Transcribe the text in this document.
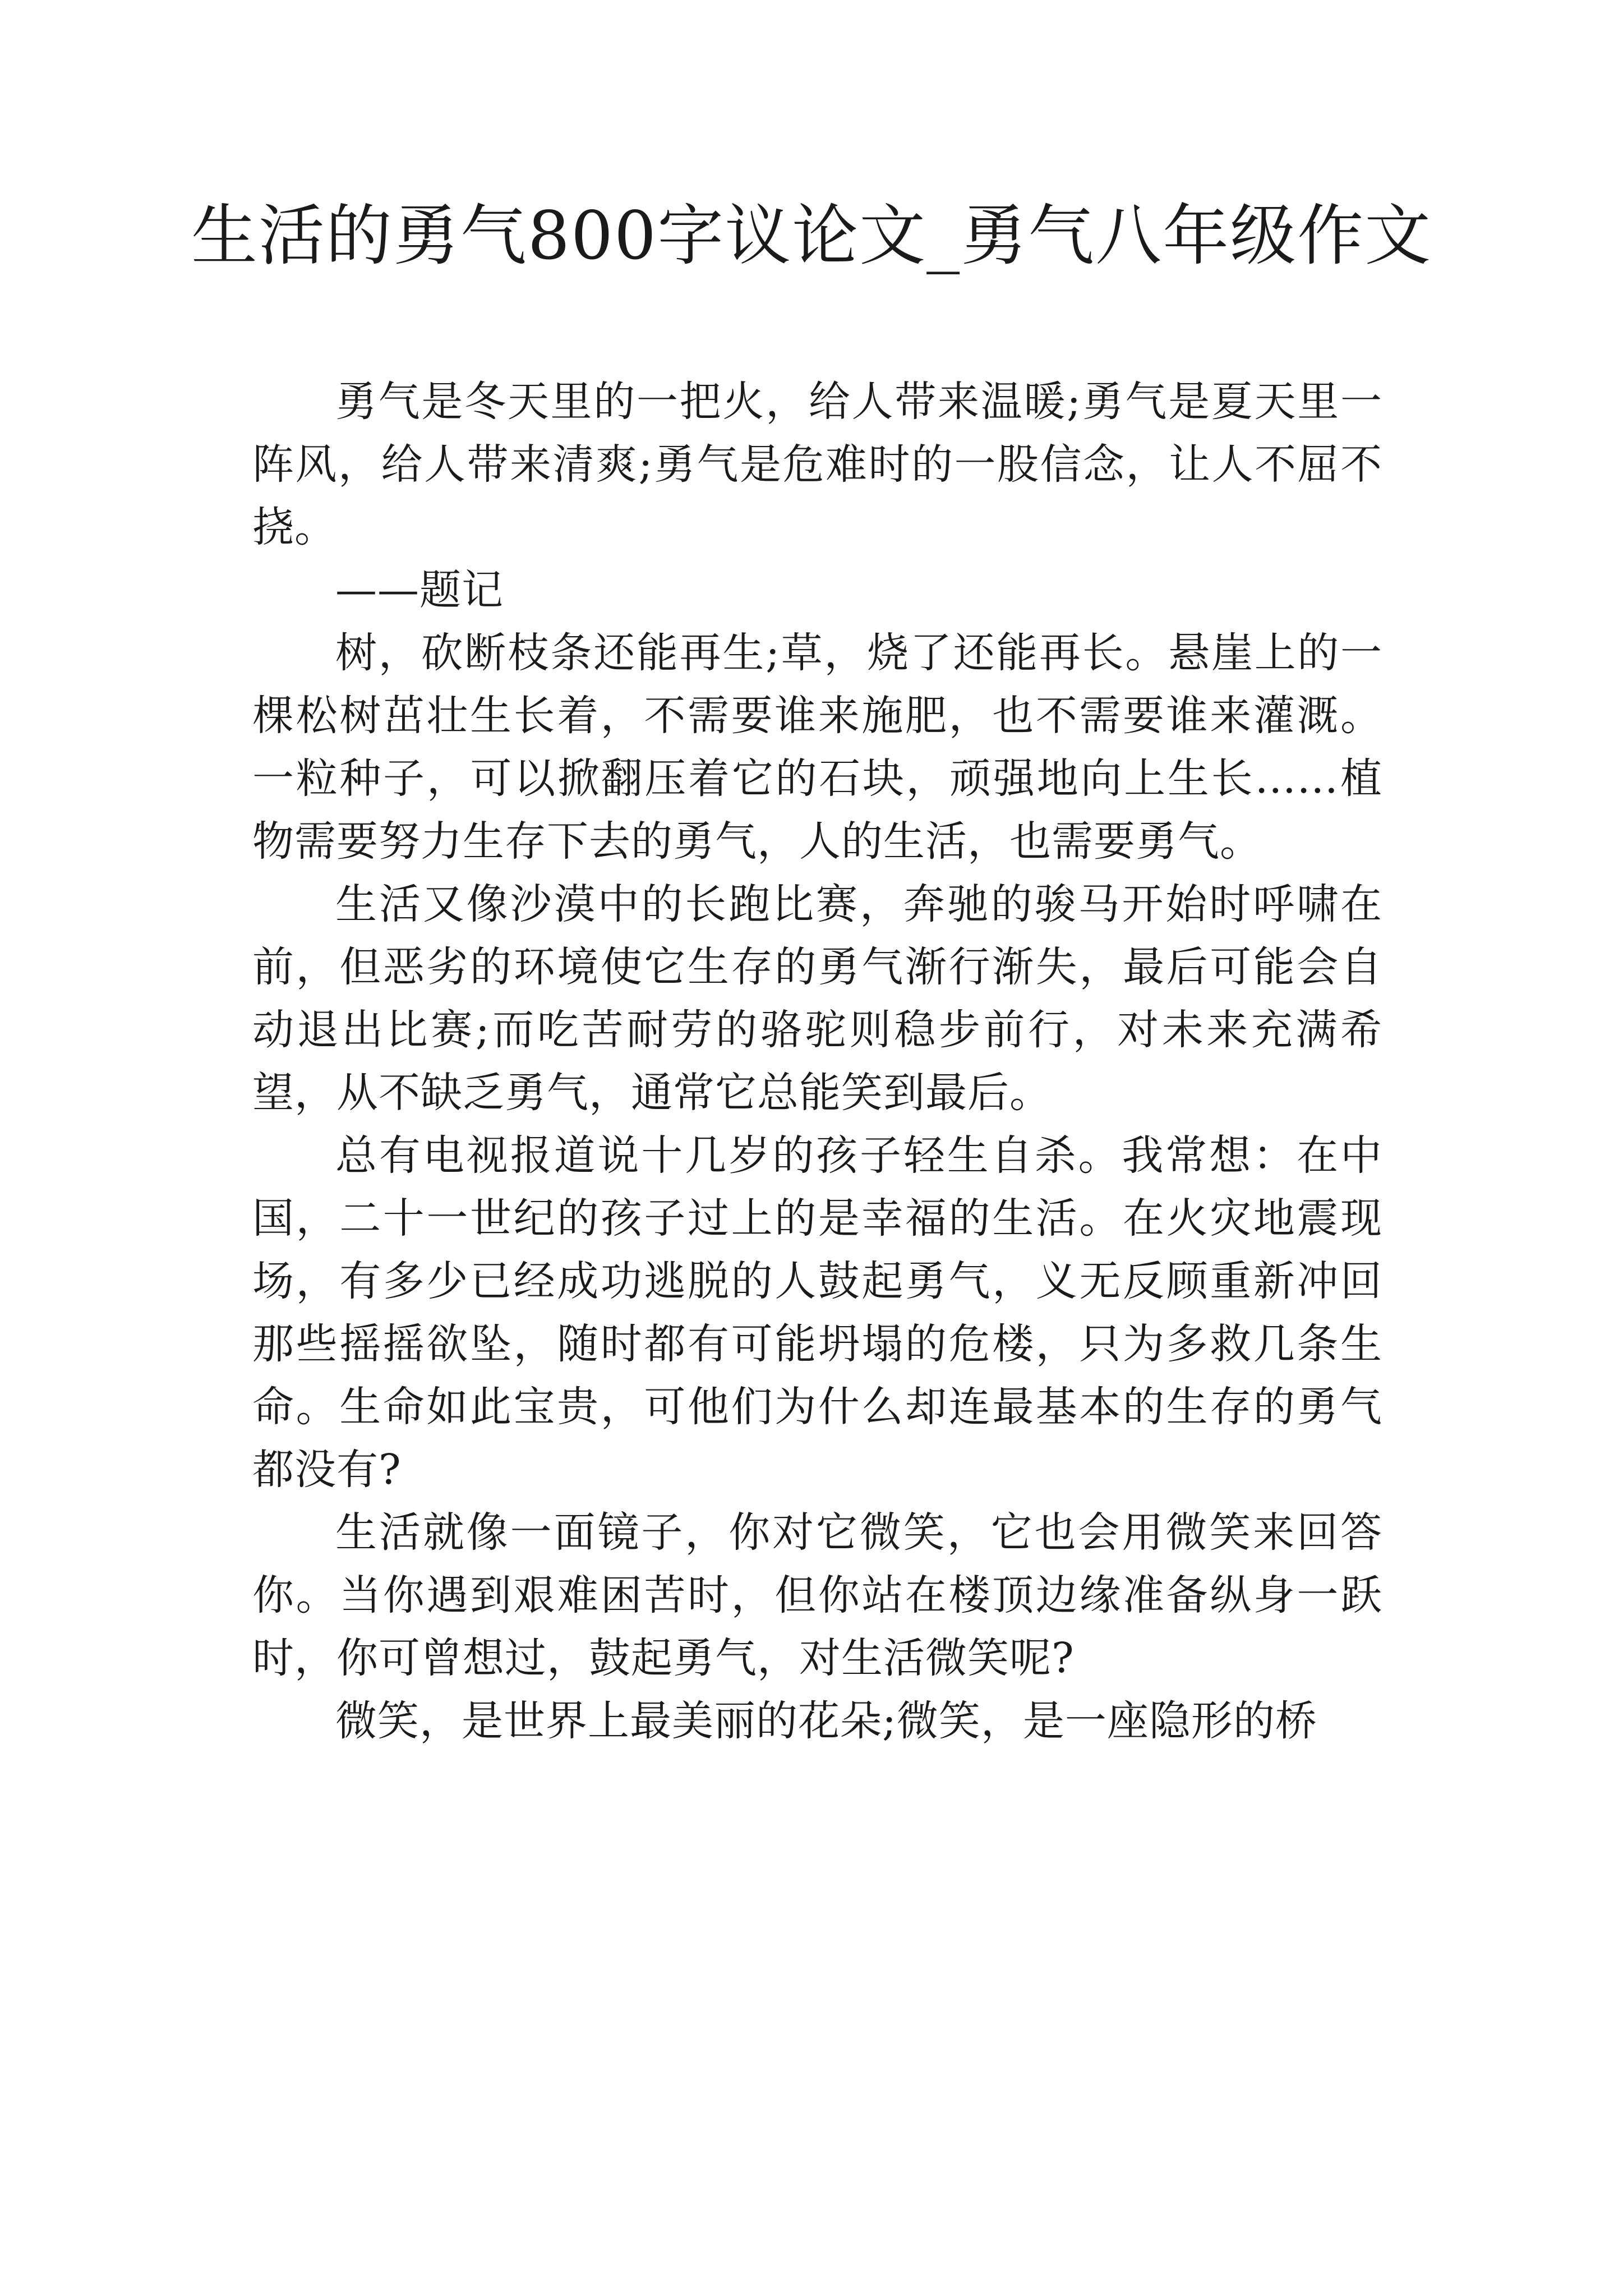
生活的勇气800字议论文_勇气八年级作文

勇气是冬天里的一把火，给人带来温暖;勇气是夏天里一阵风，给人带来清爽;勇气是危难时的一股信念，让人不屈不挠。

——题记

树，砍断枝条还能再生;草，烧了还能再长。悬崖上的一棵松树茁壮生长着，不需要谁来施肥，也不需要谁来灌溉。一粒种子，可以掀翻压着它的石块，顽强地向上生长……植物需要努力生存下去的勇气，人的生活，也需要勇气。

生活又像沙漠中的长跑比赛，奔驰的骏马开始时呼啸在前，但恶劣的环境使它生存的勇气渐行渐失，最后可能会自动退出比赛;而吃苦耐劳的骆驼则稳步前行，对未来充满希望，从不缺乏勇气，通常它总能笑到最后。

总有电视报道说十几岁的孩子轻生自杀。我常想：在中国，二十一世纪的孩子过上的是幸福的生活。在火灾地震现场，有多少已经成功逃脱的人鼓起勇气，义无反顾重新冲回那些摇摇欲坠，随时都有可能坍塌的危楼，只为多救几条生命。生命如此宝贵，可他们为什么却连最基本的生存的勇气都没有?

生活就像一面镜子，你对它微笑，它也会用微笑来回答你。当你遇到艰难困苦时，但你站在楼顶边缘准备纵身一跃时，你可曾想过，鼓起勇气，对生活微笑呢?

微笑，是世界上最美丽的花朵;微笑，是一座隐形的桥
